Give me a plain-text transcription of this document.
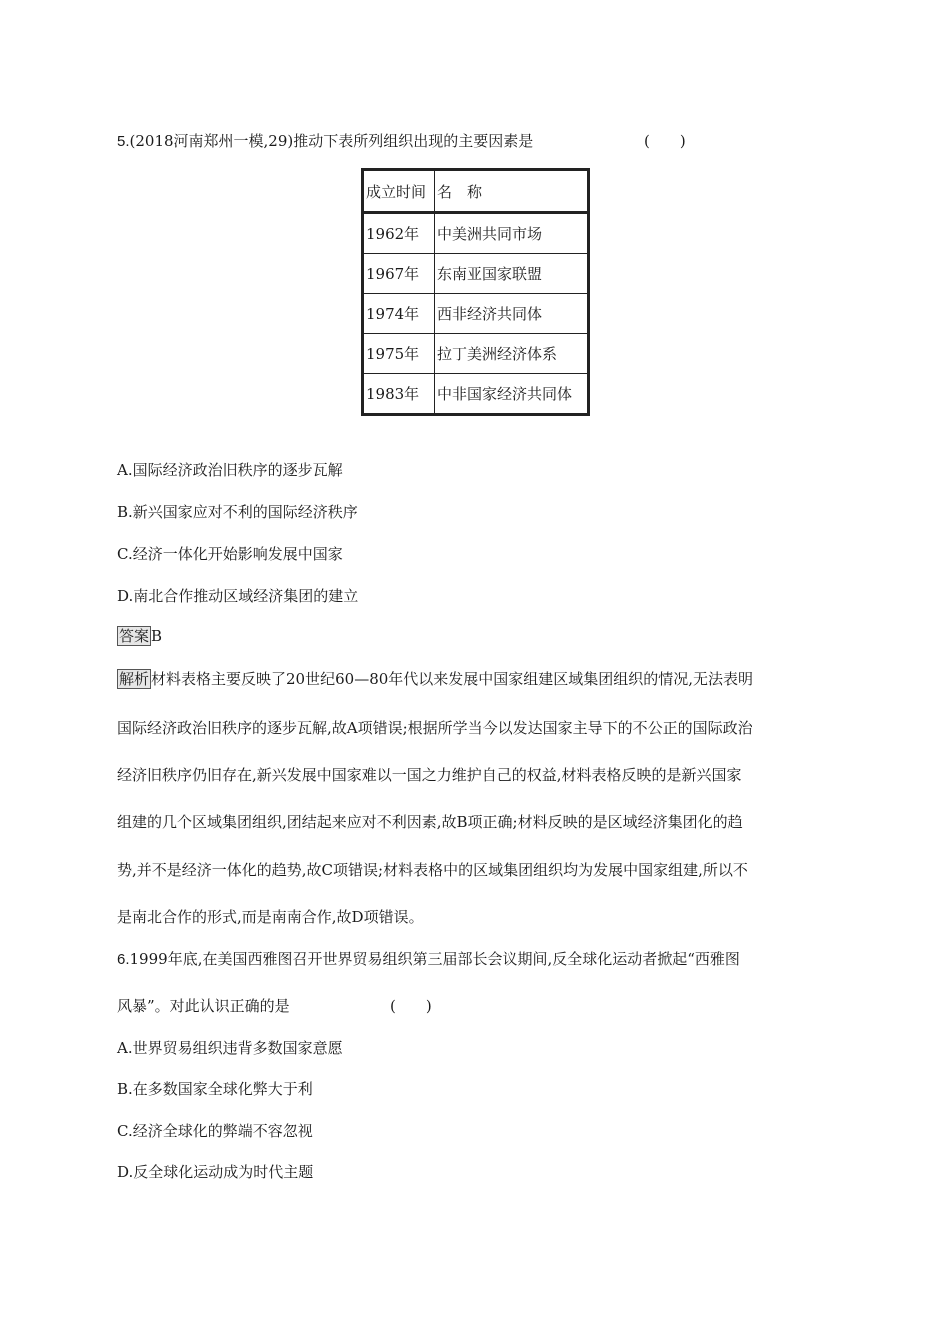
5.(2018河南郑州一模,29)推动下表所列组织出现的主要因素是	(　　)
成立时间	名　称
1962年	中美洲共同市场
1967年	东南亚国家联盟
1974年	西非经济共同体
1975年	拉丁美洲经济体系
1983年	中非国家经济共同体
A.国际经济政治旧秩序的逐步瓦解
B.新兴国家应对不利的国际经济秩序
C.经济一体化开始影响发展中国家
D.南北合作推动区域经济集团的建立
答案 B
解析 材料表格主要反映了20世纪60—80年代以来发展中国家组建区域集团组织的情况,无法表明
国际经济政治旧秩序的逐步瓦解,故A项错误;根据所学当今以发达国家主导下的不公正的国际政治
经济旧秩序仍旧存在,新兴发展中国家难以一国之力维护自己的权益,材料表格反映的是新兴国家
组建的几个区域集团组织,团结起来应对不利因素,故B项正确;材料反映的是区域经济集团化的趋
势,并不是经济一体化的趋势,故C项错误;材料表格中的区域集团组织均为发展中国家组建,所以不
是南北合作的形式,而是南南合作,故D项错误。
6.1999年底,在美国西雅图召开世界贸易组织第三届部长会议期间,反全球化运动者掀起“西雅图
风暴”。对此认识正确的是	(　　)
A.世界贸易组织违背多数国家意愿
B.在多数国家全球化弊大于利
C.经济全球化的弊端不容忽视
D.反全球化运动成为时代主题
